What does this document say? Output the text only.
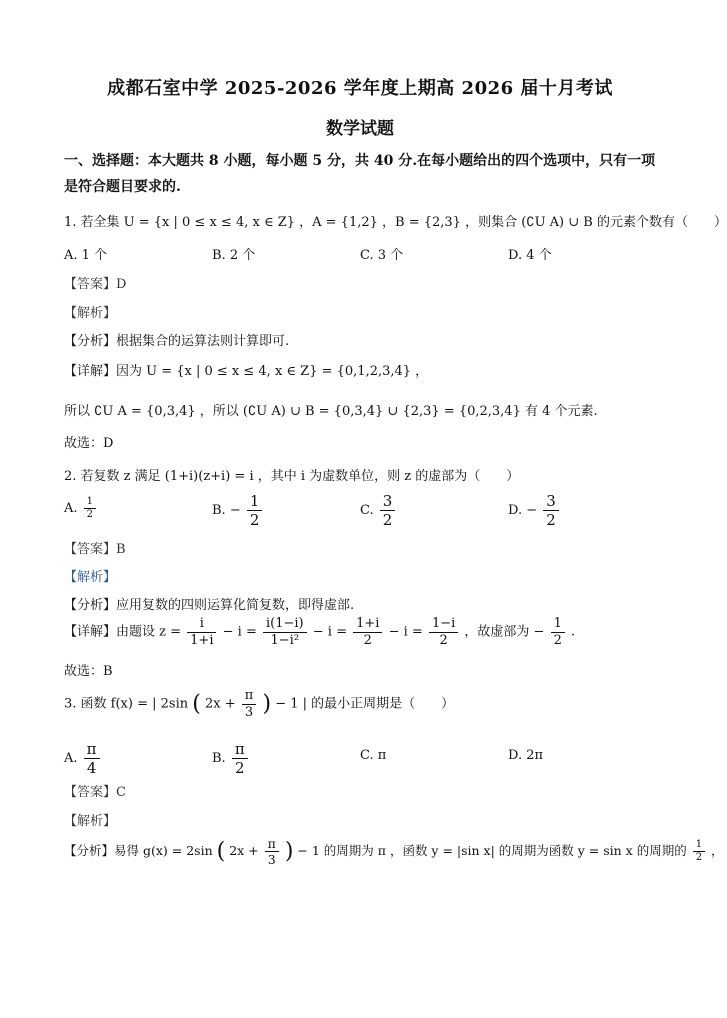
成都石室中学 2025-2026 学年度上期高 2026 届十月考试
数学试题
一、选择题：本大题共 8 小题，每小题 5 分，共 40 分.在每小题给出的四个选项中，只有一项
是符合题目要求的.
1. 若全集 U = {x | 0 ≤ x ≤ 4, x ∈ Z} ，A = {1,2} ，B = {2,3} ，则集合 (∁U A) ∪ B 的元素个数有（　　）
A. 1 个	B. 2 个	C. 3 个	D. 4 个
【答案】D
【解析】
【分析】根据集合的运算法则计算即可.
【详解】因为 U = {x | 0 ≤ x ≤ 4, x ∈ Z} = {0,1,2,3,4} ，
所以 ∁U A = {0,3,4} ，所以 (∁U A) ∪ B = {0,3,4} ∪ {2,3} = {0,2,3,4} 有 4 个元素.
故选：D
2. 若复数 z 满足 (1+i)(z+i) = i ，其中 i 为虚数单位，则 z 的虚部为（　　）
A. $\frac{1}{2}$	B. − $\frac{1}{2}$	C. $\frac{3}{2}$	D. − $\frac{3}{2}$
【答案】B
【解析】
【分析】应用复数的四则运算化简复数，即得虚部.
【详解】由题设 $z = \frac{i}{1+i} - i = \frac{i(1-i)}{\text{1−i²}} - i = \frac{1+i}{2} - i = \frac{1-i}{2}$ ，故虚部为 − $\frac{1}{2}$ .
故选：B
3. 函数 f(x) = | 2sin ( $2x + \frac{\pi}{3}$ ) − 1 | 的最小正周期是（　　）
A. $\frac{\pi}{4}$	B. $\frac{\pi}{2}$	C. π	D. 2π
【答案】C
【解析】
【分析】易得 g(x) = 2sin ( $2x + \frac{\pi}{3}$ ) − 1 的周期为 π ，函数 y = |sin x| 的周期为函数 y = sin x 的周期的 $\frac{1}{2}$ ，
